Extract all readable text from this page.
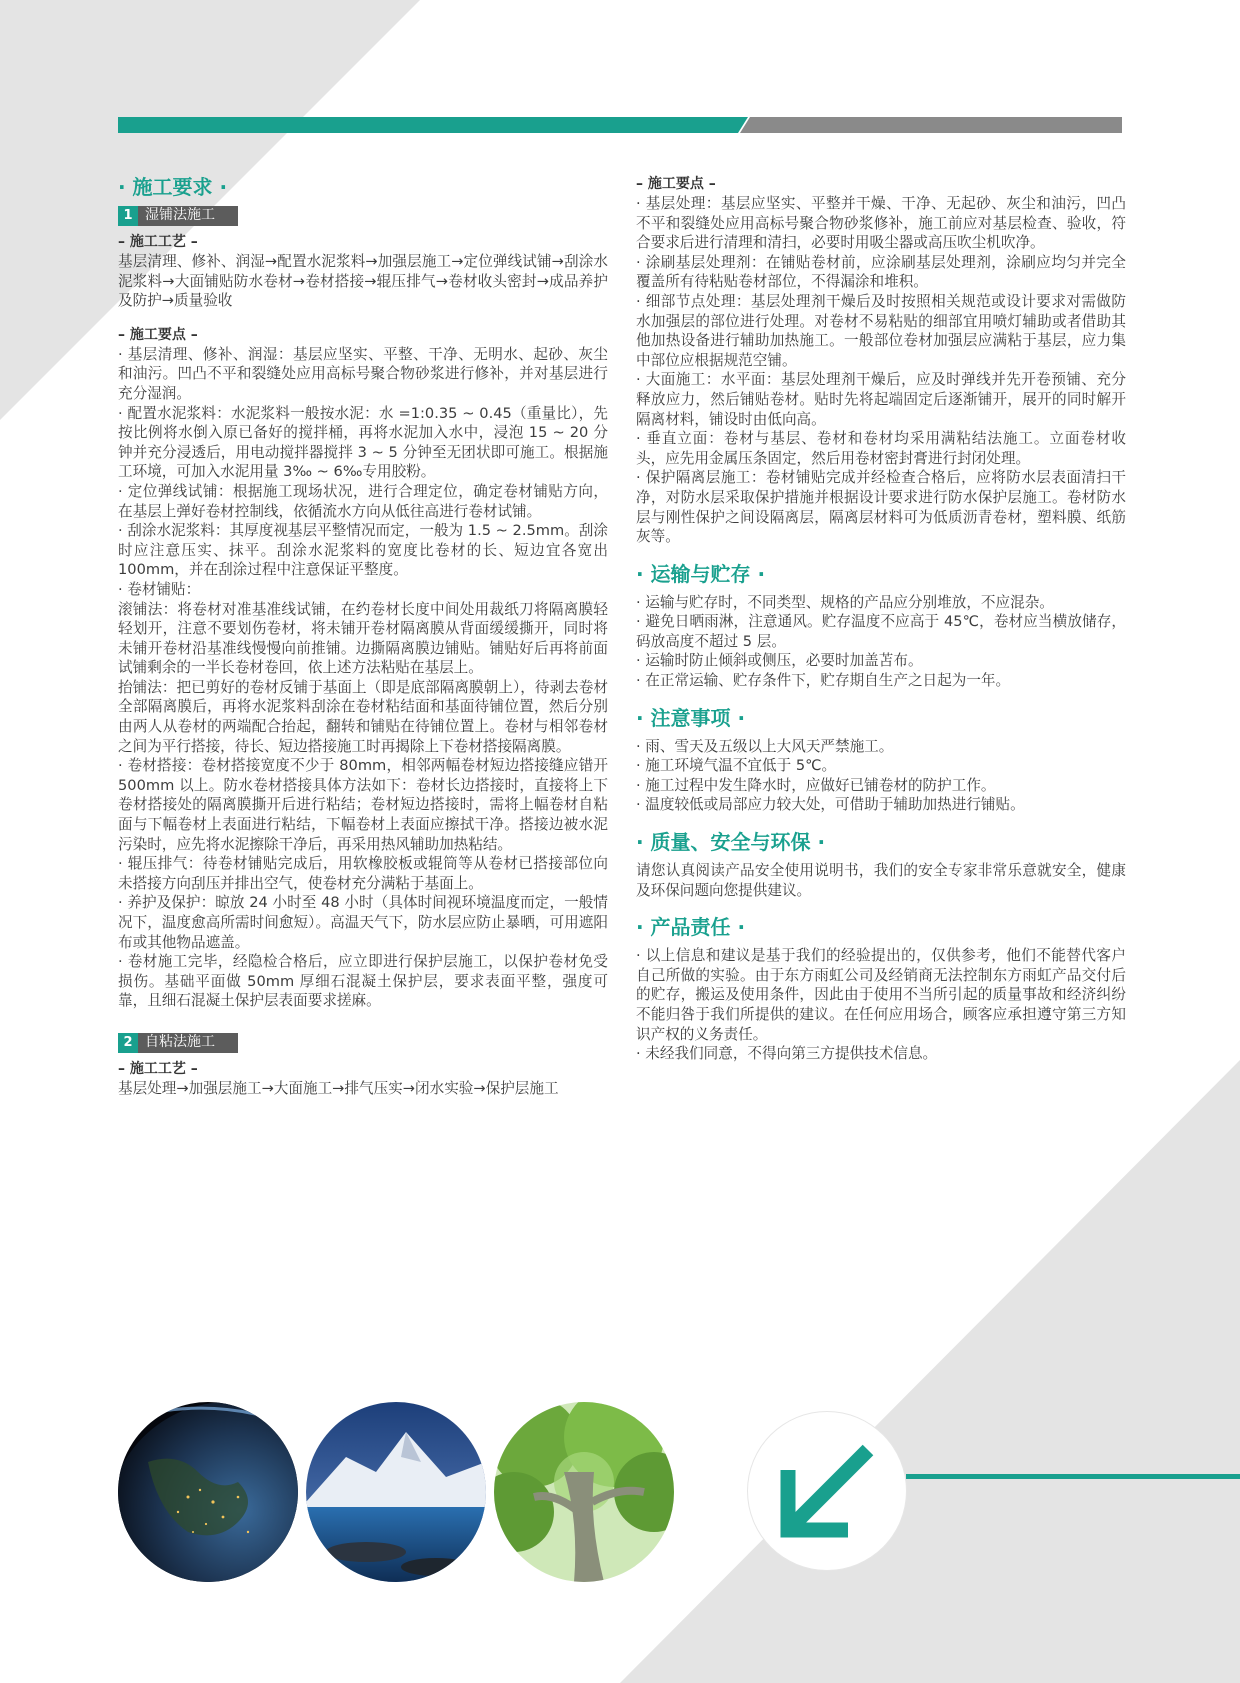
· 施工要求 ·
1 湿铺法施工
– 施工工艺 –

基层清理、修补、润湿→配置水泥浆料→加强层施工→定位弹线试铺→刮涂水泥浆料→大面铺贴防水卷材→卷材搭接→辊压排气→卷材收头密封→成品养护及防护→质量验收

– 施工要点 –

· 基层清理、修补、润湿：基层应坚实、平整、干净、无明水、起砂、灰尘和油污。凹凸不平和裂缝处应用高标号聚合物砂浆进行修补，并对基层进行充分湿润。

· 配置水泥浆料：水泥浆料一般按水泥：水 =1:0.35 ~ 0.45（重量比），先按比例将水倒入原已备好的搅拌桶，再将水泥加入水中，浸泡 15 ~ 20 分钟并充分浸透后，用电动搅拌器搅拌 3 ~ 5 分钟至无团状即可施工。根据施工环境，可加入水泥用量 3‰ ~ 6‰专用胶粉。

· 定位弹线试铺：根据施工现场状况，进行合理定位，确定卷材铺贴方向，在基层上弹好卷材控制线，依循流水方向从低往高进行卷材试铺。

· 刮涂水泥浆料：其厚度视基层平整情况而定，一般为 1.5 ~ 2.5mm。刮涂时应注意压实、抹平。刮涂水泥浆料的宽度比卷材的长、短边宜各宽出 100mm，并在刮涂过程中注意保证平整度。

· 卷材铺贴：

滚铺法：将卷材对准基准线试铺，在约卷材长度中间处用裁纸刀将隔离膜轻轻划开，注意不要划伤卷材，将未铺开卷材隔离膜从背面缓缓撕开，同时将未铺开卷材沿基准线慢慢向前推铺。边撕隔离膜边铺贴。铺贴好后再将前面试铺剩余的一半长卷材卷回，依上述方法粘贴在基层上。

抬铺法：把已剪好的卷材反铺于基面上（即是底部隔离膜朝上），待剥去卷材全部隔离膜后，再将水泥浆料刮涂在卷材粘结面和基面待铺位置，然后分别由两人从卷材的两端配合抬起，翻转和铺贴在待铺位置上。卷材与相邻卷材之间为平行搭接，待长、短边搭接施工时再揭除上下卷材搭接隔离膜。

· 卷材搭接：卷材搭接宽度不少于 80mm，相邻两幅卷材短边搭接缝应错开 500mm 以上。防水卷材搭接具体方法如下：卷材长边搭接时，直接将上下卷材搭接处的隔离膜撕开后进行粘结；卷材短边搭接时，需将上幅卷材自粘面与下幅卷材上表面进行粘结，下幅卷材上表面应擦拭干净。搭接边被水泥污染时，应先将水泥擦除干净后，再采用热风辅助加热粘结。

· 辊压排气：待卷材铺贴完成后，用软橡胶板或辊筒等从卷材已搭接部位向未搭接方向刮压并排出空气，使卷材充分满粘于基面上。

· 养护及保护：晾放 24 小时至 48 小时（具体时间视环境温度而定，一般情况下，温度愈高所需时间愈短）。高温天气下，防水层应防止暴晒，可用遮阳布或其他物品遮盖。

· 卷材施工完毕，经隐检合格后，应立即进行保护层施工，以保护卷材免受损伤。基础平面做 50mm 厚细石混凝土保护层，要求表面平整，强度可靠，且细石混凝土保护层表面要求搓麻。

2 自粘法施工
– 施工工艺 –

基层处理→加强层施工→大面施工→排气压实→闭水实验→保护层施工

– 施工要点 –

· 基层处理：基层应坚实、平整并干燥、干净、无起砂、灰尘和油污，凹凸不平和裂缝处应用高标号聚合物砂浆修补，施工前应对基层检查、验收，符合要求后进行清理和清扫，必要时用吸尘器或高压吹尘机吹净。

· 涂刷基层处理剂：在铺贴卷材前，应涂刷基层处理剂，涂刷应均匀并完全覆盖所有待粘贴卷材部位，不得漏涂和堆积。

· 细部节点处理：基层处理剂干燥后及时按照相关规范或设计要求对需做防水加强层的部位进行处理。对卷材不易粘贴的细部宜用喷灯辅助或者借助其他加热设备进行辅助加热施工。一般部位卷材加强层应满粘于基层，应力集中部位应根据规范空铺。

· 大面施工：水平面：基层处理剂干燥后，应及时弹线并先开卷预铺、充分释放应力，然后铺贴卷材。贴时先将起端固定后逐渐铺开，展开的同时解开隔离材料，铺设时由低向高。

· 垂直立面：卷材与基层、卷材和卷材均采用满粘结法施工。立面卷材收头，应先用金属压条固定，然后用卷材密封膏进行封闭处理。

· 保护隔离层施工：卷材铺贴完成并经检查合格后，应将防水层表面清扫干净，对防水层采取保护措施并根据设计要求进行防水保护层施工。卷材防水层与刚性保护之间设隔离层，隔离层材料可为低质沥青卷材，塑料膜、纸筋灰等。

· 运输与贮存 ·

· 运输与贮存时，不同类型、规格的产品应分别堆放，不应混杂。

· 避免日晒雨淋，注意通风。贮存温度不应高于 45℃，卷材应当横放储存，码放高度不超过 5 层。

· 运输时防止倾斜或侧压，必要时加盖苫布。

· 在正常运输、贮存条件下，贮存期自生产之日起为一年。

· 注意事项 ·

· 雨、雪天及五级以上大风天严禁施工。

· 施工环境气温不宜低于 5℃。

· 施工过程中发生降水时，应做好已铺卷材的防护工作。

· 温度较低或局部应力较大处，可借助于辅助加热进行铺贴。

· 质量、安全与环保 ·

请您认真阅读产品安全使用说明书，我们的安全专家非常乐意就安全，健康及环保问题向您提供建议。

· 产品责任 ·

· 以上信息和建议是基于我们的经验提出的，仅供参考，他们不能替代客户自己所做的实验。由于东方雨虹公司及经销商无法控制东方雨虹产品交付后的贮存，搬运及使用条件，因此由于使用不当所引起的质量事故和经济纠纷不能归咎于我们所提供的建议。在任何应用场合，顾客应承担遵守第三方知识产权的义务责任。

· 未经我们同意，不得向第三方提供技术信息。
